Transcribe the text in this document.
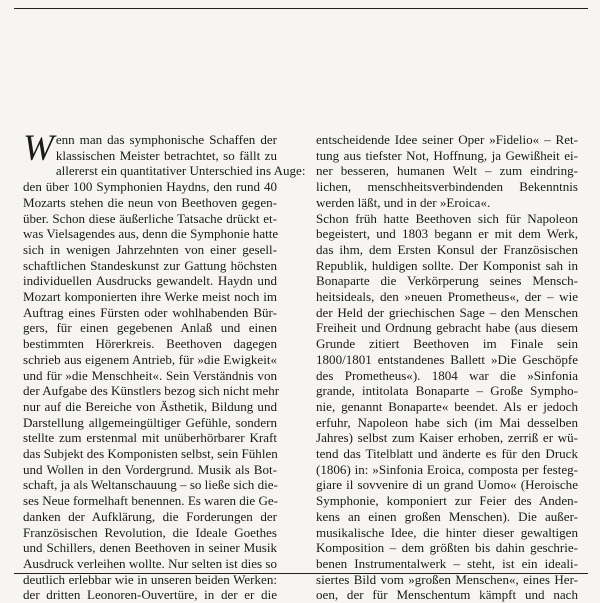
W enn man das symphonische Schaffen der
klassischen Meister betrachtet, so fällt zu
allererst ein quantitativer Unterschied ins Auge:
den über 100 Symphonien Haydns, den rund 40
Mozarts stehen die neun von Beethoven gegen-
über. Schon diese äußerliche Tatsache drückt et-
was Vielsagendes aus, denn die Symphonie hatte
sich in wenigen Jahrzehnten von einer gesell-
schaftlichen Standeskunst zur Gattung höchsten
individuellen Ausdrucks gewandelt. Haydn und
Mozart komponierten ihre Werke meist noch im
Auftrag eines Fürsten oder wohlhabenden Bür-
gers, für einen gegebenen Anlaß und einen
bestimmten Hörerkreis. Beethoven dagegen
schrieb aus eigenem Antrieb, für »die Ewigkeit«
und für »die Menschheit«. Sein Verständnis von
der Aufgabe des Künstlers bezog sich nicht mehr
nur auf die Bereiche von Ästhetik, Bildung und
Darstellung allgemeingültiger Gefühle, sondern
stellte zum erstenmal mit unüberhörbarer Kraft
das Subjekt des Komponisten selbst, sein Fühlen
und Wollen in den Vordergrund. Musik als Bot-
schaft, ja als Weltanschauung – so ließe sich die-
ses Neue formelhaft benennen. Es waren die Ge-
danken der Aufklärung, die Forderungen der
Französischen Revolution, die Ideale Goethes
und Schillers, denen Beethoven in seiner Musik
Ausdruck verleihen wollte. Nur selten ist dies so
deutlich erlebbar wie in unseren beiden Werken:
der dritten Leonoren-Ouvertüre, in der er die
entscheidende Idee seiner Oper »Fidelio« – Ret-
tung aus tiefster Not, Hoffnung, ja Gewißheit ei-
ner besseren, humanen Welt – zum eindring-
lichen, menschheitsverbindenden Bekenntnis
werden läßt, und in der »Eroica«.
Schon früh hatte Beethoven sich für Napoleon
begeistert, und 1803 begann er mit dem Werk,
das ihm, dem Ersten Konsul der Französischen
Republik, huldigen sollte. Der Komponist sah in
Bonaparte die Verkörperung seines Mensch-
heitsideals, den »neuen Prometheus«, der – wie
der Held der griechischen Sage – den Menschen
Freiheit und Ordnung gebracht habe (aus diesem
Grunde zitiert Beethoven im Finale sein
1800/1801 entstandenes Ballett »Die Geschöpfe
des Prometheus«). 1804 war die »Sinfonia
grande, intitolata Bonaparte – Große Sympho-
nie, genannt Bonaparte« beendet. Als er jedoch
erfuhr, Napoleon habe sich (im Mai desselben
Jahres) selbst zum Kaiser erhoben, zerriß er wü-
tend das Titelblatt und änderte es für den Druck
(1806) in: »Sinfonia Eroica, composta per festeg-
giare il sovvenire di un grand Uomo« (Heroische
Symphonie, komponiert zur Feier des Anden-
kens an einen großen Menschen). Die außer-
musikalische Idee, die hinter dieser gewaltigen
Komposition – dem größten bis dahin geschrie-
benen Instrumentalwerk – steht, ist ein ideali-
siertes Bild vom »großen Menschen«, eines Her-
oen, der für Menschentum kämpft und nach
